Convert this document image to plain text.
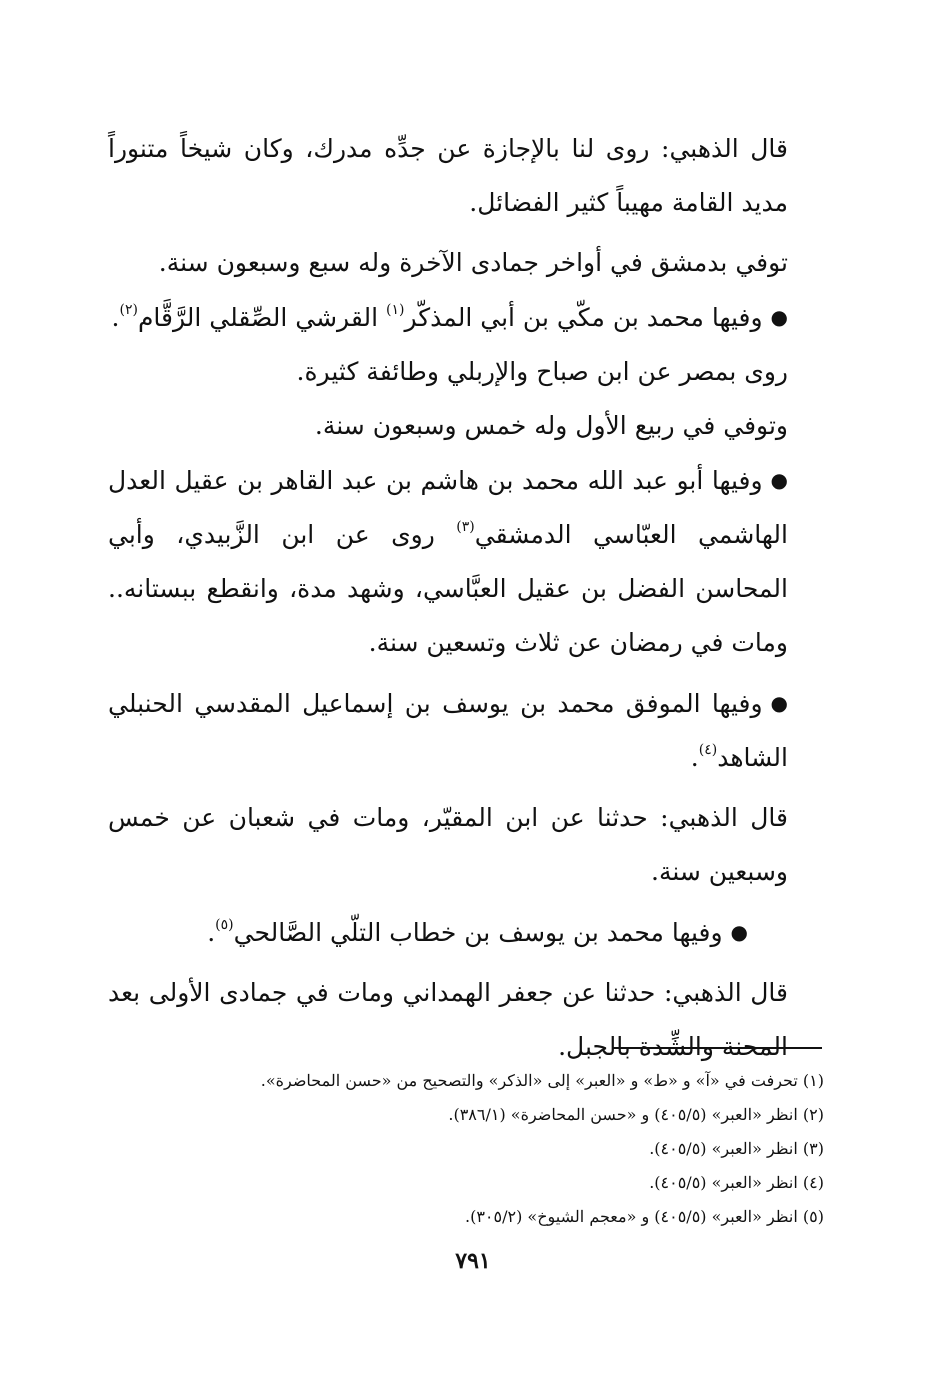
قال الذهبي: روى لنا بالإجازة عن جدِّه مدرك، وكان شيخاً متنوراً مديد القامة مهيباً كثير الفضائل.

توفي بدمشق في أواخر جمادى الآخرة وله سبع وسبعون سنة.

●وفيها محمد بن مكّي بن أبي المذكّر$^{(١)}$ القرشي الصِّقلي الرَّقَّام$^{(٢)}$.

روى بمصر عن ابن صباح والإربلي وطائفة كثيرة.

وتوفي في ربيع الأول وله خمس وسبعون سنة.

●وفيها أبو عبد الله محمد بن هاشم بن عبد القاهر بن عقيل العدل الهاشمي العبّاسي الدمشقي$^{(٣)}$ روى عن ابن الزَّبيدي، وأبي المحاسن الفضل بن عقيل العبَّاسي، وشهد مدة، وانقطع ببستانه.. ومات في رمضان عن ثلاث وتسعين سنة.

●وفيها الموفق محمد بن يوسف بن إسماعيل المقدسي الحنبلي الشاهد$^{(٤)}$.

قال الذهبي: حدثنا عن ابن المقيّر، ومات في شعبان عن خمس وسبعين سنة.

●وفيها محمد بن يوسف بن خطاب التلّي الصَّالحي$^{(٥)}$.

قال الذهبي: حدثنا عن جعفر الهمداني ومات في جمادى الأولى بعد المحنة والشِّدة بالجبل.

(١) تحرفت في «آ» و «ط» و «العبر» إلى «الذكر» والتصحيح من «حسن المحاضرة».

(٢) انظر «العبر» (٤٠٥/٥) و «حسن المحاضرة» (٣٨٦/١).

(٣) انظر «العبر» (٤٠٥/٥).

(٤) انظر «العبر» (٤٠٥/٥).

(٥) انظر «العبر» (٤٠٥/٥) و «معجم الشيوخ» (٣٠٥/٢).

٧٩١
